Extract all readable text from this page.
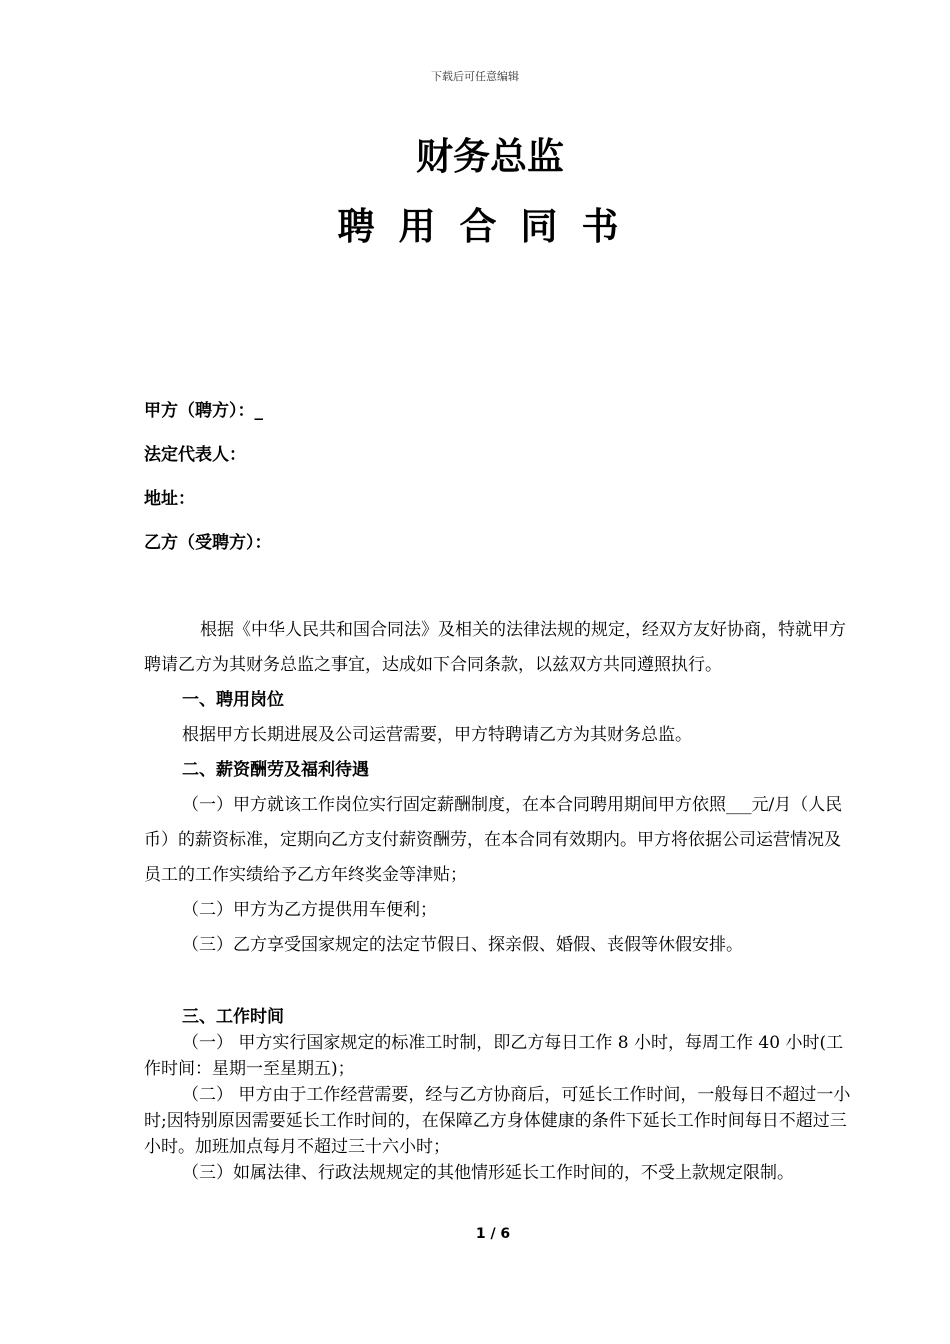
下载后可任意编辑
财务总监
聘用合同书
甲方（聘方）：_
法定代表人：
地址：
乙方（受聘方）：

根据《中华人民共和国合同法》及相关的法律法规的规定，经双方友好协商，特就甲方聘请乙方为其财务总监之事宜，达成如下合同条款，以兹双方共同遵照执行。

一、聘用岗位

根据甲方长期进展及公司运营需要，甲方特聘请乙方为其财务总监。

二、薪资酬劳及福利待遇

（一）甲方就该工作岗位实行固定薪酬制度，在本合同聘用期间甲方依照___元/月（人民币）的薪资标准，定期向乙方支付薪资酬劳，在本合同有效期内。甲方将依据公司运营情况及员工的工作实绩给予乙方年终奖金等津贴；

（二）甲方为乙方提供用车便利；

（三）乙方享受国家规定的法定节假日、探亲假、婚假、丧假等休假安排。

三、工作时间

（一） 甲方实行国家规定的标准工时制，即乙方每日工作 8 小时，每周工作 40 小时(工作时间：星期一至星期五)；

（二） 甲方由于工作经营需要，经与乙方协商后，可延长工作时间，一般每日不超过一小时;因特别原因需要延长工作时间的，在保障乙方身体健康的条件下延长工作时间每日不超过三小时。加班加点每月不超过三十六小时；

（三）如属法律、行政法规规定的其他情形延长工作时间的，不受上款规定限制。

1 / 6
